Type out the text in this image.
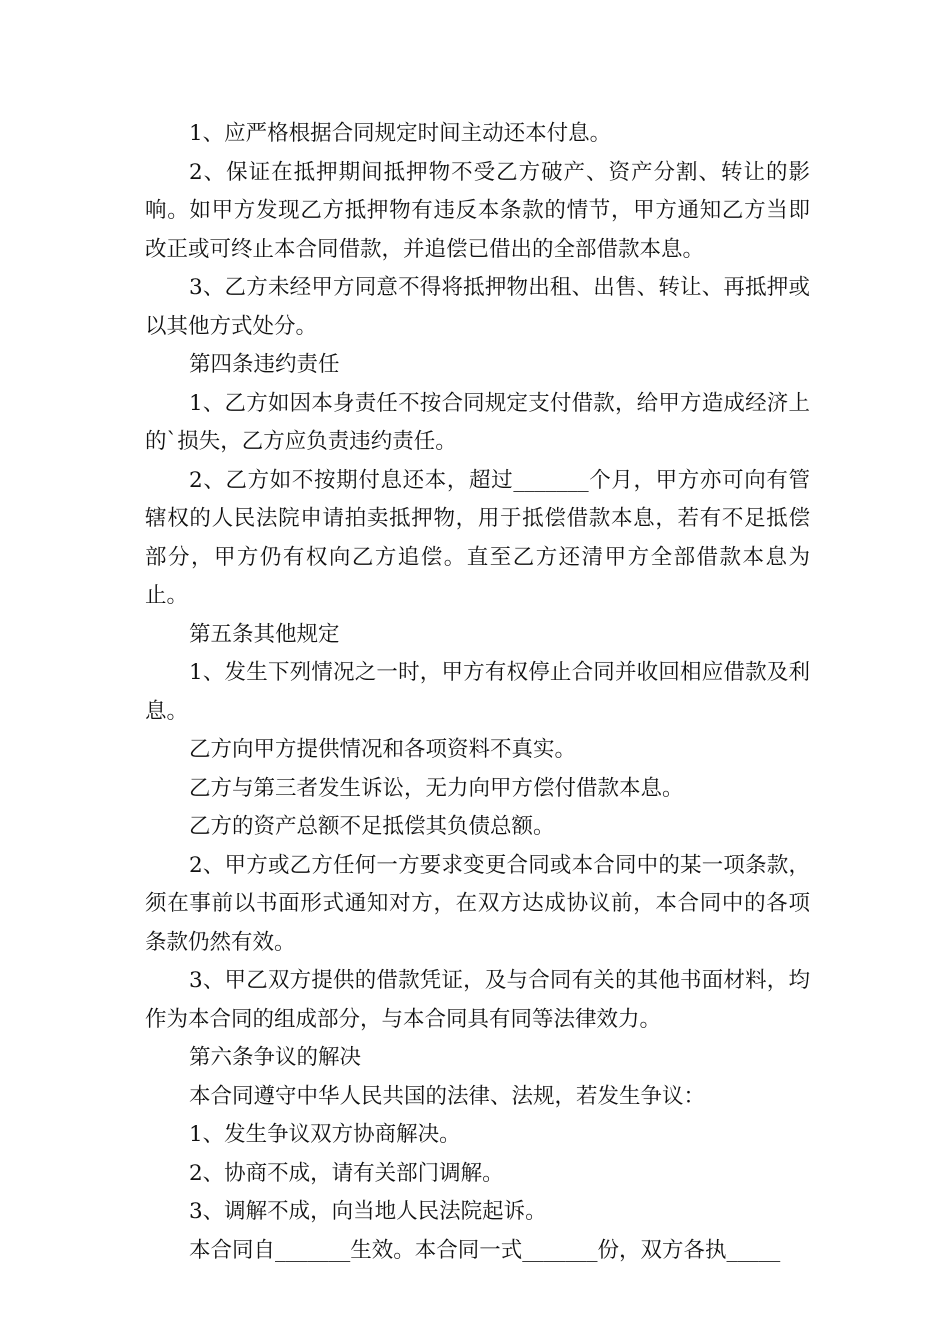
1、应严格根据合同规定时间主动还本付息。

2、保证在抵押期间抵押物不受乙方破产、资产分割、转让的影响。如甲方发现乙方抵押物有违反本条款的情节，甲方通知乙方当即改正或可终止本合同借款，并追偿已借出的全部借款本息。

3、乙方未经甲方同意不得将抵押物出租、出售、转让、再抵押或以其他方式处分。

第四条违约责任

1、乙方如因本身责任不按合同规定支付借款，给甲方造成经济上的`损失，乙方应负责违约责任。

2、乙方如不按期付息还本，超过_______个月，甲方亦可向有管辖权的人民法院申请拍卖抵押物，用于抵偿借款本息，若有不足抵偿部分，甲方仍有权向乙方追偿。直至乙方还清甲方全部借款本息为止。

第五条其他规定

1、发生下列情况之一时，甲方有权停止合同并收回相应借款及利息。

乙方向甲方提供情况和各项资料不真实。

乙方与第三者发生诉讼，无力向甲方偿付借款本息。

乙方的资产总额不足抵偿其负债总额。

2、甲方或乙方任何一方要求变更合同或本合同中的某一项条款，须在事前以书面形式通知对方，在双方达成协议前，本合同中的各项条款仍然有效。

3、甲乙双方提供的借款凭证，及与合同有关的其他书面材料，均作为本合同的组成部分，与本合同具有同等法律效力。

第六条争议的解决

本合同遵守中华人民共国的法律、法规，若发生争议：

1、发生争议双方协商解决。

2、协商不成，请有关部门调解。

3、调解不成，向当地人民法院起诉。

本合同自_______生效。本合同一式_______份，双方各执_____
